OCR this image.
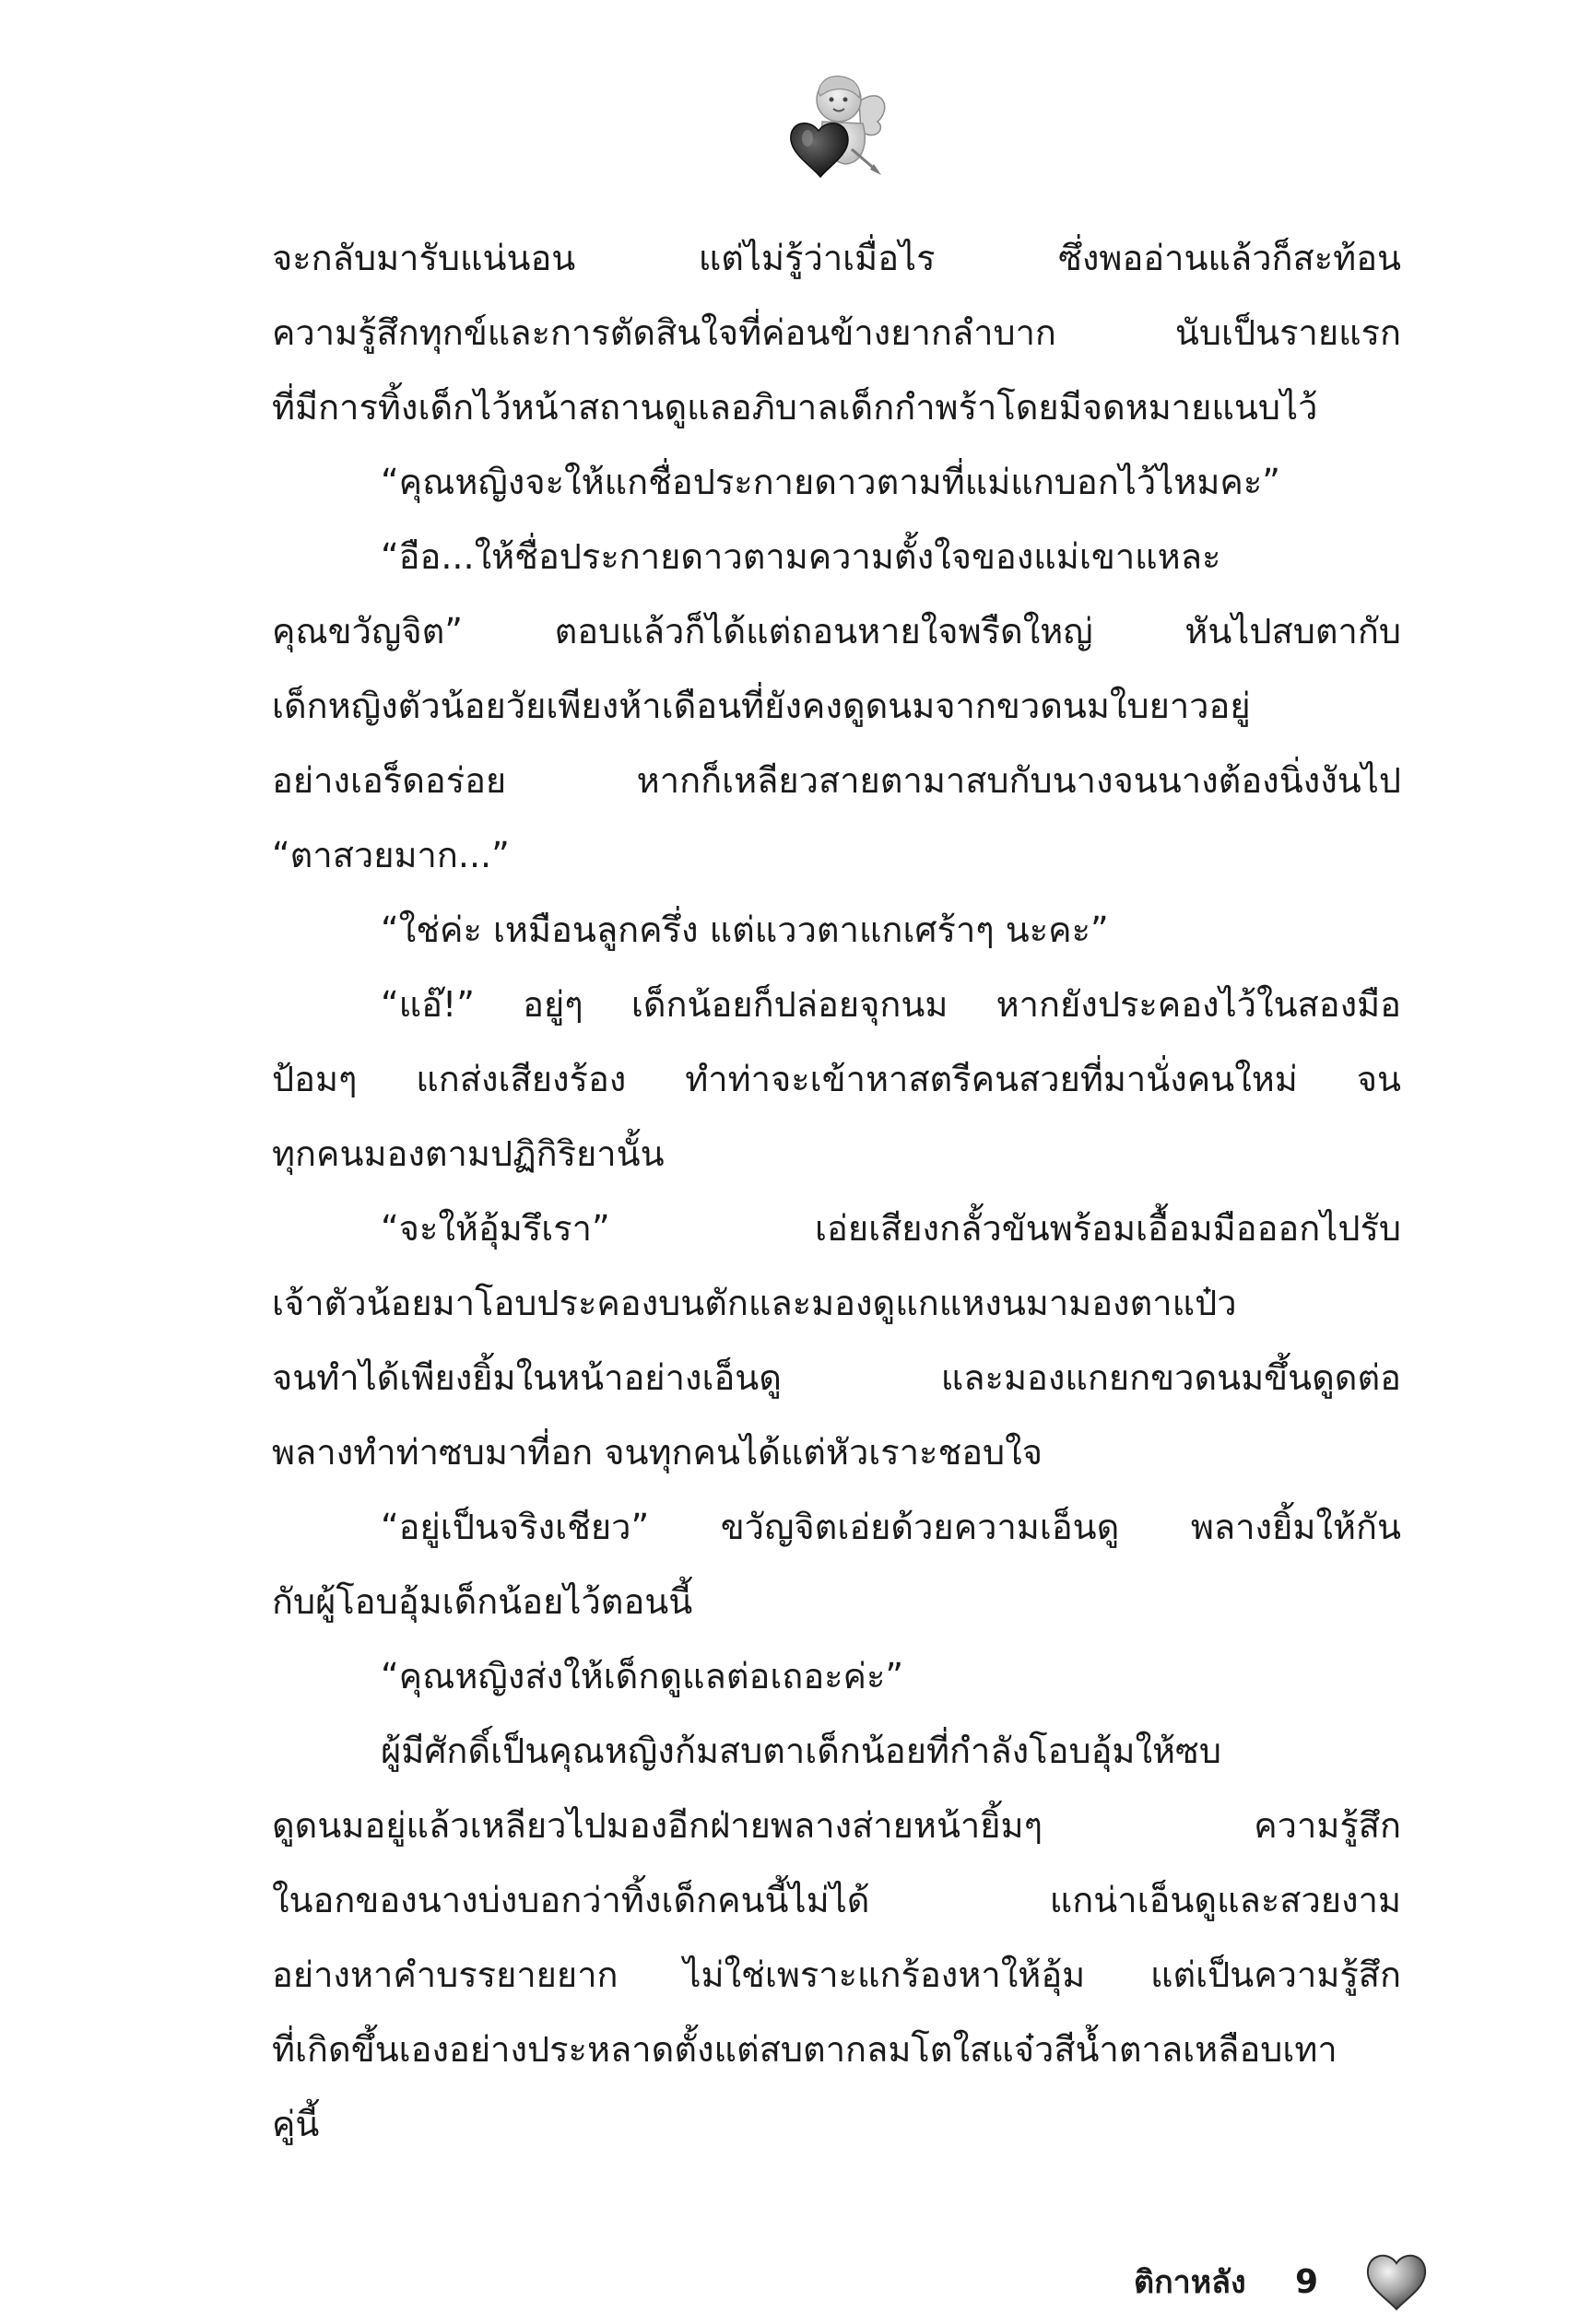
จะกลับมารับแน่นอน แต่ไม่รู้ว่าเมื่อไร ซึ่งพออ่านแล้วก็สะท้อน
ความรู้สึกทุกข์และการตัดสินใจที่ค่อนข้างยากลำบาก นับเป็นรายแรก
ที่มีการทิ้งเด็กไว้หน้าสถานดูแลอภิบาลเด็กกำพร้าโดยมีจดหมายแนบไว้
“คุณหญิงจะให้แกชื่อประกายดาวตามที่แม่แกบอกไว้ไหมคะ”
“อือ...ให้ชื่อประกายดาวตามความตั้งใจของแม่เขาแหละ
คุณขวัญจิต” ตอบแล้วก็ได้แต่ถอนหายใจพรืดใหญ่ หันไปสบตากับ
เด็กหญิงตัวน้อยวัยเพียงห้าเดือนที่ยังคงดูดนมจากขวดนมใบยาวอยู่
อย่างเอร็ดอร่อย หากก็เหลียวสายตามาสบกับนางจนนางต้องนิ่งงันไป
“ตาสวยมาก...”
“ใช่ค่ะ เหมือนลูกครึ่ง แต่แววตาแกเศร้าๆ นะคะ”
“แอ๊!” อยู่ๆ เด็กน้อยก็ปล่อยจุกนม หากยังประคองไว้ในสองมือ
ป้อมๆ แกส่งเสียงร้อง ทำท่าจะเข้าหาสตรีคนสวยที่มานั่งคนใหม่ จน
ทุกคนมองตามปฏิกิริยานั้น
“จะให้อุ้มรึเรา” เอ่ยเสียงกลั้วขันพร้อมเอื้อมมือออกไปรับ
เจ้าตัวน้อยมาโอบประคองบนตักและมองดูแกแหงนมามองตาแป๋ว
จนทำได้เพียงยิ้มในหน้าอย่างเอ็นดู และมองแกยกขวดนมขึ้นดูดต่อ
พลางทำท่าซบมาที่อก จนทุกคนได้แต่หัวเราะชอบใจ
“อยู่เป็นจริงเชียว” ขวัญจิตเอ่ยด้วยความเอ็นดู พลางยิ้มให้กัน
กับผู้โอบอุ้มเด็กน้อยไว้ตอนนี้
“คุณหญิงส่งให้เด็กดูแลต่อเถอะค่ะ”
ผู้มีศักดิ์เป็นคุณหญิงก้มสบตาเด็กน้อยที่กำลังโอบอุ้มให้ซบ
ดูดนมอยู่แล้วเหลียวไปมองอีกฝ่ายพลางส่ายหน้ายิ้มๆ ความรู้สึก
ในอกของนางบ่งบอกว่าทิ้งเด็กคนนี้ไม่ได้ แกน่าเอ็นดูและสวยงาม
อย่างหาคำบรรยายยาก ไม่ใช่เพราะแกร้องหาให้อุ้ม แต่เป็นความรู้สึก
ที่เกิดขึ้นเองอย่างประหลาดตั้งแต่สบตากลมโตใสแจ๋วสีน้ำตาลเหลือบเทา
คู่นี้
ติกาหลัง 9
